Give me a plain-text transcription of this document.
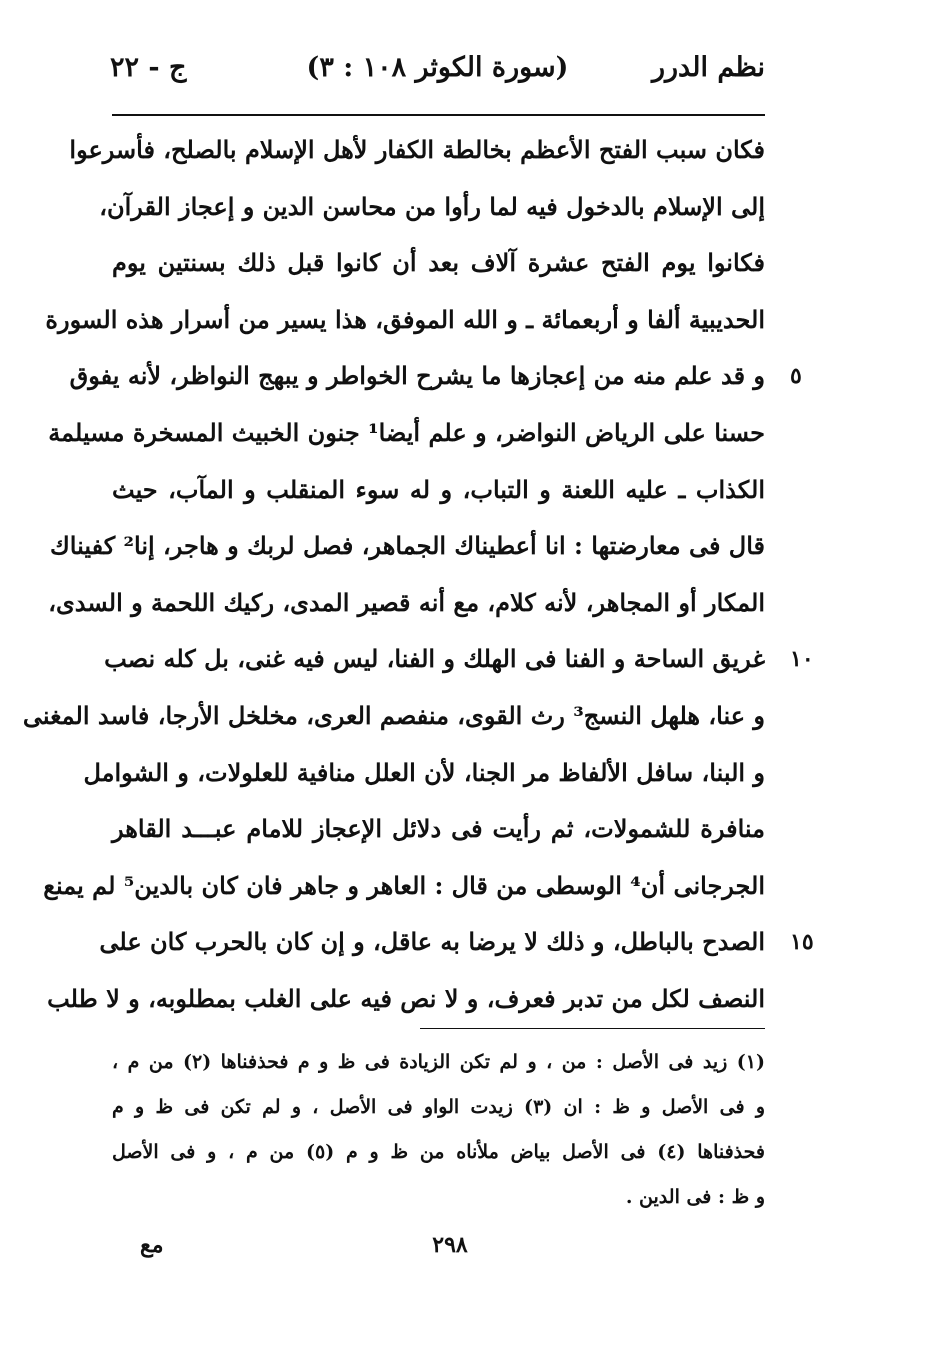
نظم الدرر
(سورة الكوثر ١٠٨ : ٣)
ج - ٢٢
فكان سبب الفتح الأعظم بخالطة الكفار لأهل الإسلام بالصلح، فأسرعوا
إلى الإسلام بالدخول فيه لما رأوا من محاسن الدين و إعجاز القرآن،
فكانوا يوم الفتح عشرة آلاف بعد أن كانوا قبل ذلك بسنتين يوم
الحديبية ألفا و أربعمائة ـ و الله الموفق، هذا يسير من أسرار هذه السورة
و قد علم منه من إعجازها ما يشرح الخواطر و يبهج النواظر، لأنه يفوق
حسنا على الرياض النواضر، و علم أيضا¹ جنون الخبيث المسخرة مسيلمة
الكذاب ـ عليه اللعنة و التباب، و له سوء المنقلب و المآب، حيث
قال فى معارضتها : انا أعطيناك الجماهر، فصل لربك و هاجر، إنا² كفيناك
المكار أو المجاهر، لأنه كلام، مع أنه قصير المدى، ركيك اللحمة و السدى،
غريق الساحة و الفنا فى الهلك و الفنا، ليس فيه غنى، بل كله نصب
و عنا، هلهل النسج³ رث القوى، منفصم العرى، مخلخل الأرجا، فاسد المغنى
و البنا، سافل الألفاظ مر الجنا، لأن العلل منافية للعلولات، و الشوامل
منافرة للشمولات، ثم رأيت فى دلائل الإعجاز للامام عبـــد القاهر
الجرجانى أن⁴ الوسطى من قال : العاهر و جاهر فان كان بالدين⁵ لم يمنع
الصدح بالباطل، و ذلك لا يرضا به عاقل، و إن كان بالحرب كان على
النصف لكل من تدبر فعرف، و لا نص فيه على الغلب بمطلوبه، و لا طلب
٥
١٠
١٥
(١) زيد فى الأصل : من ، و لم تكن الزيادة فى ظ و م فحذفناها (٢) من م ،
و فى الأصل و ظ : ان (٣) زيدت الواو فى الأصل ، و لم تكن فى ظ و م
فحذفناها (٤) فى الأصل بياض ملأناه من ظ و م (٥) من م ، و فى الأصل
و ظ : فى الدين .
٢٩٨
مع
